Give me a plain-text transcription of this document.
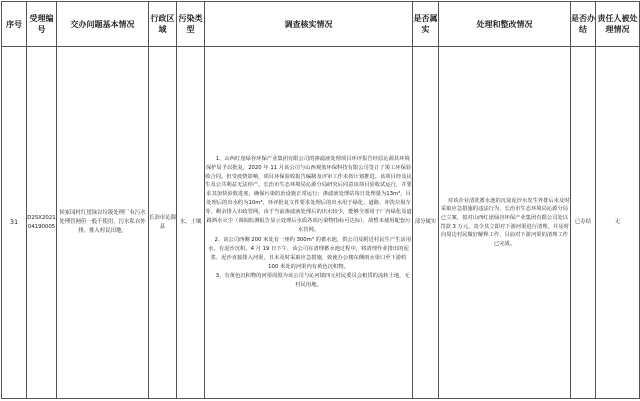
序号	受理编号	交办问题基本情况	行政区域	污染类型	调查核实情况	是否属实	处理和整改情况	是否办结	责任人被处理情况
31	D2SX202104190005	侯家园村红崖绿谷垃圾处理厂有污水处理管网但一般不使用，污水私自外排，排入村民田地。	长治市沁源县	水，土壤	1、山西红崖绿谷环保产业集团有限公司的渗滤液处理项目环评报告经原沁源县环境保护局予以批复，2020 年 11 月该公司与山西观蓝环保科技有限公司签订了竣工环保验收合同。但受疫情影响，项目环保验收报告编制及评审工作未按计划推进。该项目经及民生及公共利益无法停产，长治市生态环境局沁源分局研究后同意该项目验收试运行，并要求其加快验收进度，确保污染防治设施正常运行；渗滤液处理站每日处理量为13m³，目处理后的出水约为10m³，环评批复文件要求处理后的出水用于绿化、道路、冲洗垃圾车等，剩余排入市政管网。由于当前渗滤液处理后的出水较少，能够全部用于厂内绿化及道路洒水灭尘（调阅监测报告显示处理后水质各项污染物指标可达标），故暂未使用配套污水管网。

2、该公司西侧 200 米处有一座约 300m³ 的蓄水池，供公司及附近村民生产生活用水，有泥沙沉积。4 月 19 日下午，该公司在清理蓄水池过程中，将清理作业排出的泥浆、泥沙直接排入河渠，且未及时采取应急措施，致使办公楼东侧雨水渠口至下游约 100 米处的河渠内有黄色沉积物。

3、有黄色沉积物的河渠周围为该公司与沁河镇四元村民委员会租赁的流转土地，无村民用地。	部分属实	对该企业清洗蓄水池的沉淀泥沙水发生外排后未及时采取应急措施的违法行为，长治市生态环境局沁源分局已立案，拟对山西红崖绿谷环保产业集团有限公司处以罚款 3 万元，责令其立即对下游河渠进行清理，并及时向周边村民做好解释工作，目前对下游河渠的清理工作已完成。	已办结	无
